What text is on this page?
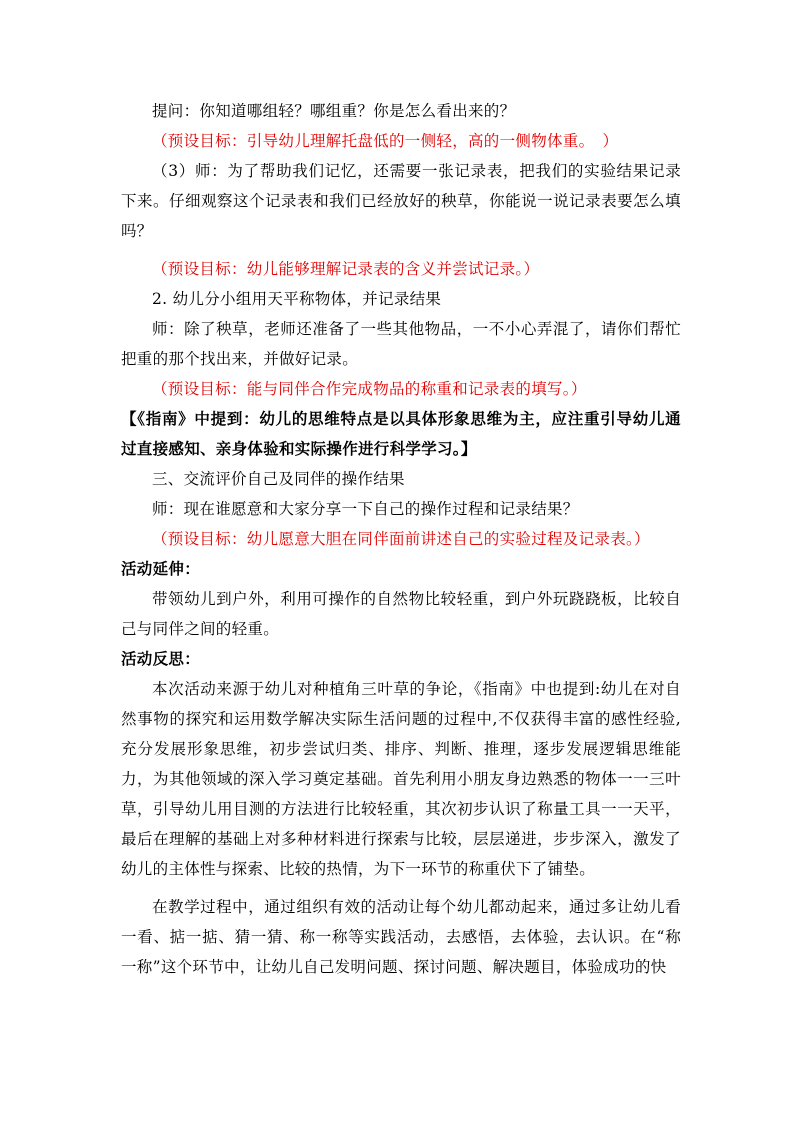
提问：你知道哪组轻？哪组重？你是怎么看出来的？

（预设目标：引导幼儿理解托盘低的一侧轻，高的一侧物体重。　）

（3）师：为了帮助我们记忆，还需要一张记录表，把我们的实验结果记录下来。仔细观察这个记录表和我们已经放好的秧草，你能说一说记录表要怎么填吗？

（预设目标：幼儿能够理解记录表的含义并尝试记录。）

2. 幼儿分小组用天平称物体，并记录结果

师：除了秧草，老师还准备了一些其他物品，一不小心弄混了，请你们帮忙把重的那个找出来，并做好记录。

（预设目标：能与同伴合作完成物品的称重和记录表的填写。）

【《指南》中提到：幼儿的思维特点是以具体形象思维为主，应注重引导幼儿通过直接感知、亲身体验和实际操作进行科学学习。】

三、交流评价自己及同伴的操作结果

师：现在谁愿意和大家分享一下自己的操作过程和记录结果？

（预设目标：幼儿愿意大胆在同伴面前讲述自己的实验过程及记录表。）

活动延伸：

带领幼儿到户外，利用可操作的自然物比较轻重，到户外玩跷跷板，比较自己与同伴之间的轻重。

活动反思：

本次活动来源于幼儿对种植角三叶草的争论，《指南》中也提到:幼儿在对自然事物的探究和运用数学解决实际生活问题的过程中,不仅获得丰富的感性经验,充分发展形象思维，初步尝试归类、排序、判断、推理，逐步发展逻辑思维能力，为其他领域的深入学习奠定基础。首先利用小朋友身边熟悉的物体一一三叶草，引导幼儿用目测的方法进行比较轻重，其次初步认识了称量工具一一天平，最后在理解的基础上对多种材料进行探索与比较，层层递进，步步深入，激发了幼儿的主体性与探索、比较的热情，为下一环节的称重伏下了铺垫。

在教学过程中，通过组织有效的活动让每个幼儿都动起来，通过多让幼儿看一看、掂一掂、猜一猜、称一称等实践活动，去感悟，去体验，去认识。在“称一称”这个环节中，让幼儿自己发明问题、探讨问题、解决题目，体验成功的快
